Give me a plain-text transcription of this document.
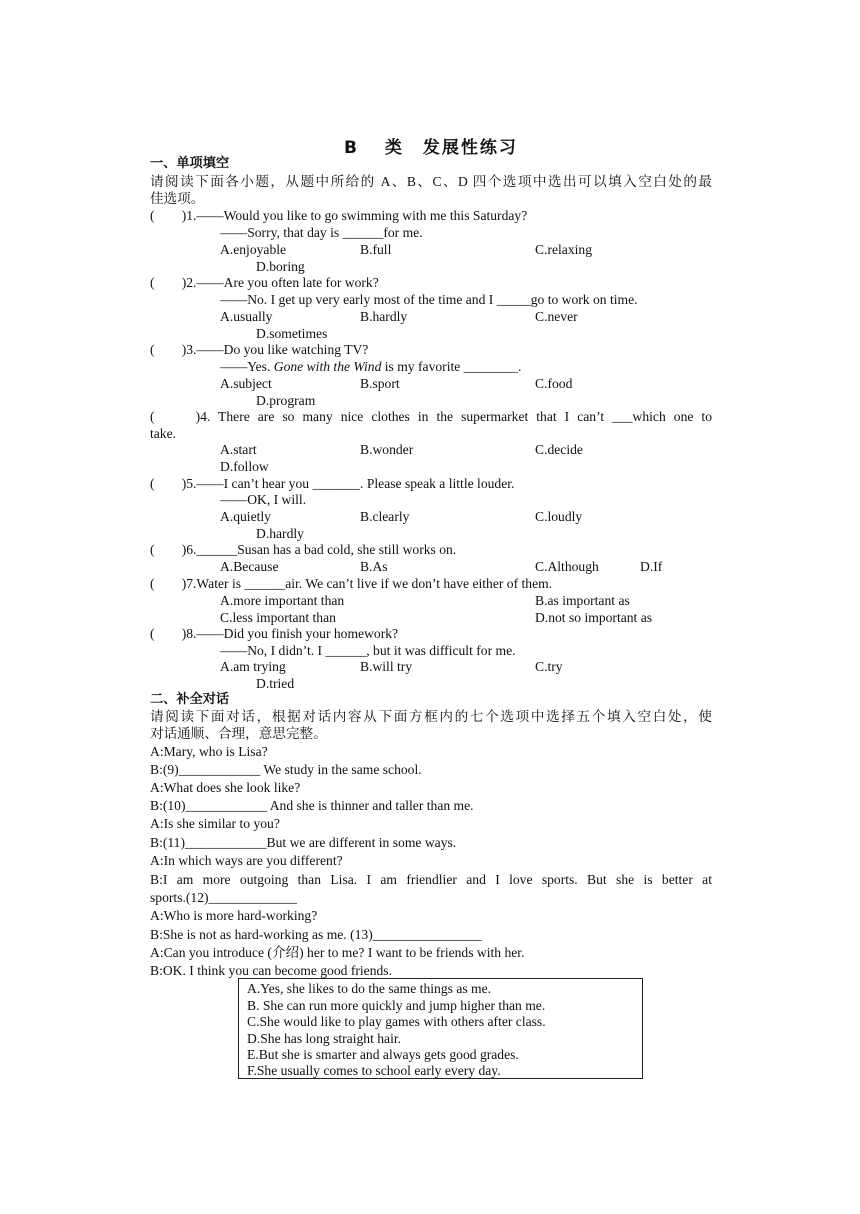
B 类　发展性练习
一、单项填空
请阅读下面各小题，从题中所给的 A、B、C、D 四个选项中选出可以填入空白处的最
佳选项。
(　　)1.——Would you like to go swimming with me this Saturday?
——Sorry, that day is ______for me.
A.enjoyable	B.full	C.relaxing
D.boring
(　　)2.——Are you often late for work?
——No. I get up very early most of the time and I _____go to work on time.
A.usually	B.hardly	C.never
D.sometimes
(　　)3.——Do you like watching TV?
——Yes. Gone with the Wind is my favorite ________.
A.subject	B.sport	C.food
D.program
(　　)4. There are so many nice clothes in the supermarket that I can’t ___which one to
take.
A.start	B.wonder	C.decide
D.follow
(　　)5.——I can’t hear you _______. Please speak a little louder.
——OK, I will.
A.quietly	B.clearly	C.loudly
D.hardly
(　　)6.______Susan has a bad cold, she still works on.
A.Because	B.As	C.Although	D.If
(　　)7.Water is ______air. We can’t live if we don’t have either of them.
A.more important than	B.as important as
C.less important than	D.not so important as
(　　)8.——Did you finish your homework?
——No, I didn’t. I ______, but it was difficult for me.
A.am trying	B.will try	C.try
D.tried
二、补全对话
请阅读下面对话，根据对话内容从下面方框内的七个选项中选择五个填入空白处，使
对话通顺、合理，意思完整。
A:Mary, who is Lisa?
B:(9)____________ We study in the same school.
A:What does she look like?
B:(10)____________ And she is thinner and taller than me.
A:Is she similar to you?
B:(11)____________But we are different in some ways.
A:In which ways are you different?
B:I am more outgoing than Lisa. I am friendlier and I love sports. But she is better at
sports.(12)_____________
A:Who is more hard-working?
B:She is not as hard-working as me. (13)________________
A:Can you introduce (介绍) her to me? I want to be friends with her.
B:OK. I think you can become good friends.
A.Yes, she likes to do the same things as me.
B. She can run more quickly and jump higher than me.
C.She would like to play games with others after class.
D.She has long straight hair.
E.But she is smarter and always gets good grades.
F.She usually comes to school early every day.
